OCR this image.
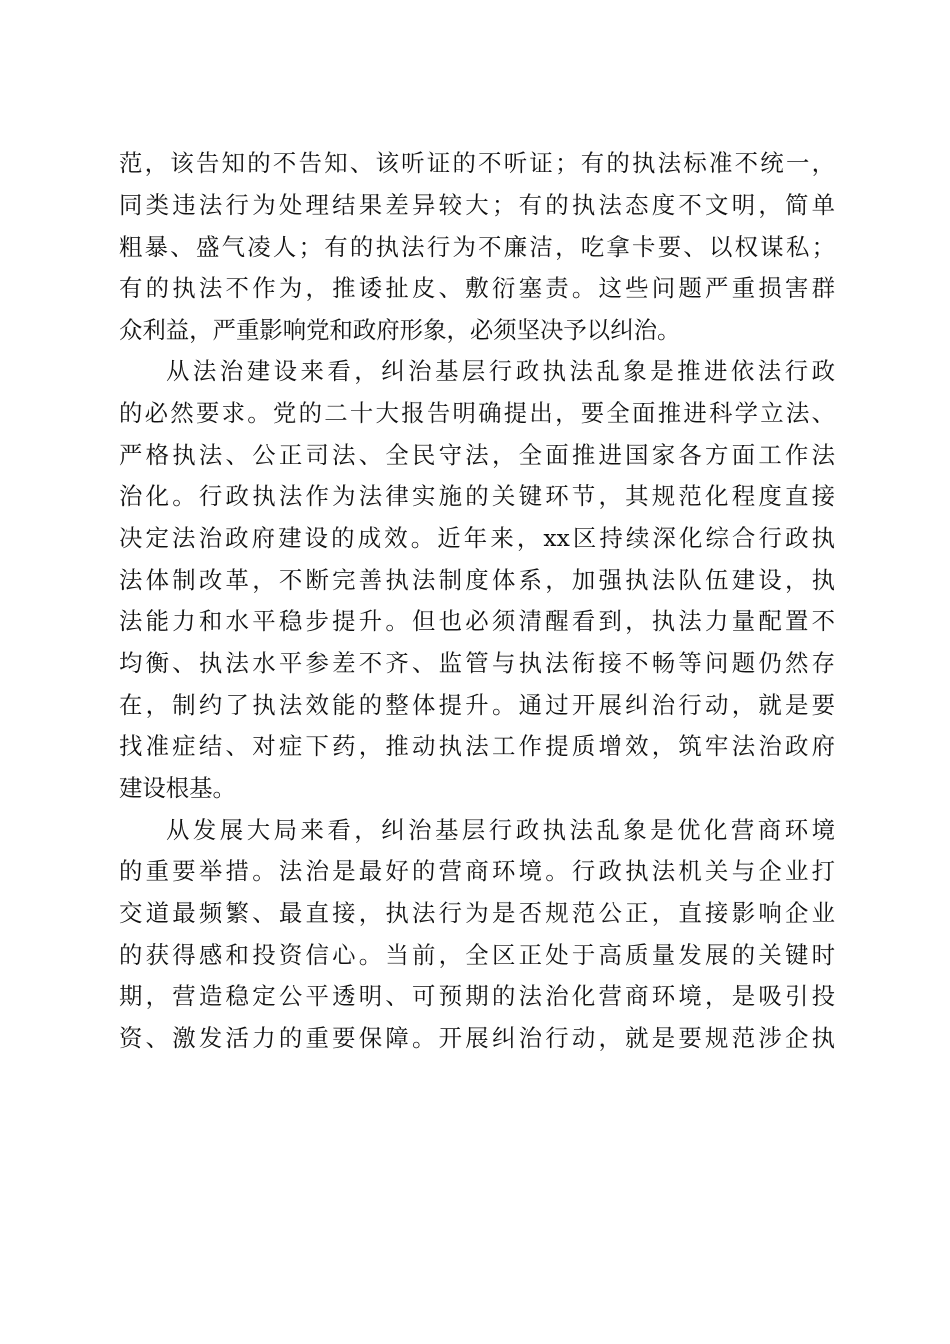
范，该告知的不告知、该听证的不听证；有的执法标准不统一，
同类违法行为处理结果差异较大；有的执法态度不文明，简单
粗暴、盛气凌人；有的执法行为不廉洁，吃拿卡要、以权谋私；
有的执法不作为，推诿扯皮、敷衍塞责。这些问题严重损害群
众利益，严重影响党和政府形象，必须坚决予以纠治。
从法治建设来看，纠治基层行政执法乱象是推进依法行政
的必然要求。党的二十大报告明确提出，要全面推进科学立法、
严格执法、公正司法、全民守法，全面推进国家各方面工作法
治化。行政执法作为法律实施的关键环节，其规范化程度直接
决定法治政府建设的成效。近年来，xx区持续深化综合行政执
法体制改革，不断完善执法制度体系，加强执法队伍建设，执
法能力和水平稳步提升。但也必须清醒看到，执法力量配置不
均衡、执法水平参差不齐、监管与执法衔接不畅等问题仍然存
在，制约了执法效能的整体提升。通过开展纠治行动，就是要
找准症结、对症下药，推动执法工作提质增效，筑牢法治政府
建设根基。
从发展大局来看，纠治基层行政执法乱象是优化营商环境
的重要举措。法治是最好的营商环境。行政执法机关与企业打
交道最频繁、最直接，执法行为是否规范公正，直接影响企业
的获得感和投资信心。当前，全区正处于高质量发展的关键时
期，营造稳定公平透明、可预期的法治化营商环境，是吸引投
资、激发活力的重要保障。开展纠治行动，就是要规范涉企执
